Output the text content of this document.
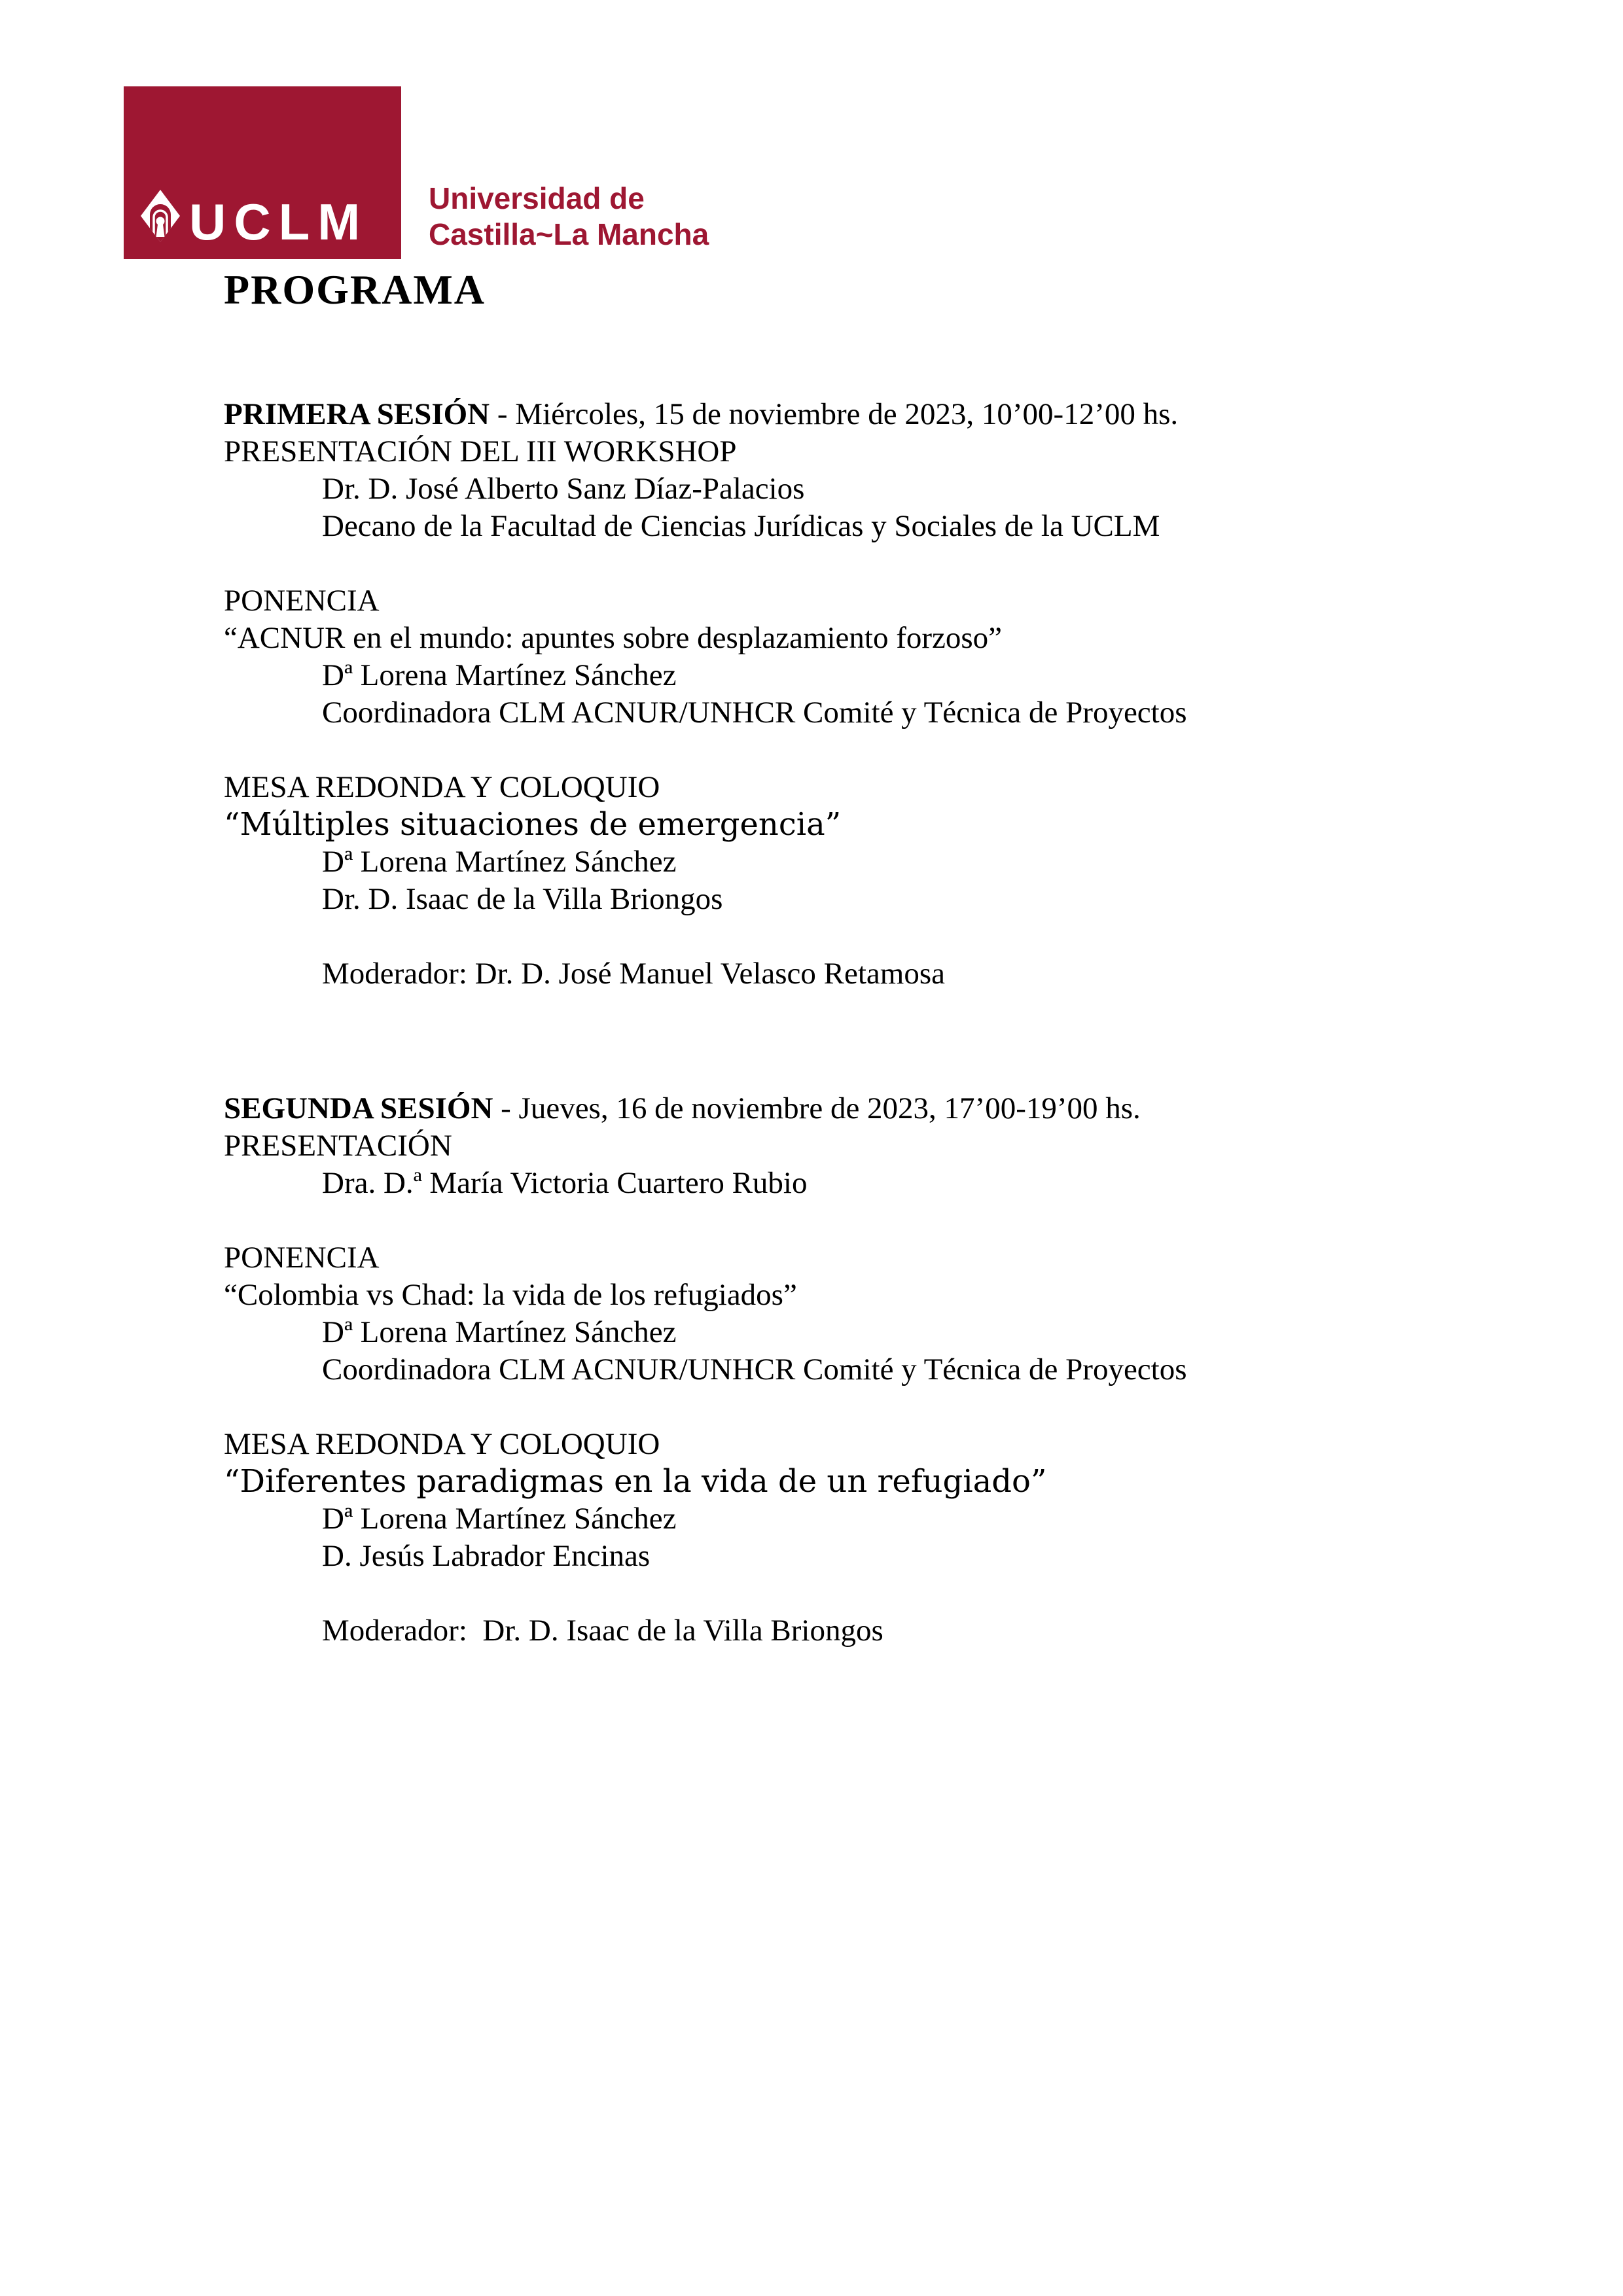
UCLM Universidad de
Castilla~La Mancha
PROGRAMA

PRIMERA SESIÓN - Miércoles, 15 de noviembre de 2023, 10’00-12’00 hs.

PRESENTACIÓN DEL III WORKSHOP

Dr. D. José Alberto Sanz Díaz-Palacios

Decano de la Facultad de Ciencias Jurídicas y Sociales de la UCLM

PONENCIA

“ACNUR en el mundo: apuntes sobre desplazamiento forzoso”

Dª Lorena Martínez Sánchez

Coordinadora CLM ACNUR/UNHCR Comité y Técnica de Proyectos

MESA REDONDA Y COLOQUIO

“Múltiples situaciones de emergencia”

Dª Lorena Martínez Sánchez

Dr. D. Isaac de la Villa Briongos

Moderador: Dr. D. José Manuel Velasco Retamosa

SEGUNDA SESIÓN - Jueves, 16 de noviembre de 2023, 17’00-19’00 hs.

PRESENTACIÓN

Dra. D.ª María Victoria Cuartero Rubio

PONENCIA

“Colombia vs Chad: la vida de los refugiados”

Dª Lorena Martínez Sánchez

Coordinadora CLM ACNUR/UNHCR Comité y Técnica de Proyectos

MESA REDONDA Y COLOQUIO

“Diferentes paradigmas en la vida de un refugiado”

Dª Lorena Martínez Sánchez

D. Jesús Labrador Encinas

Moderador:  Dr. D. Isaac de la Villa Briongos
